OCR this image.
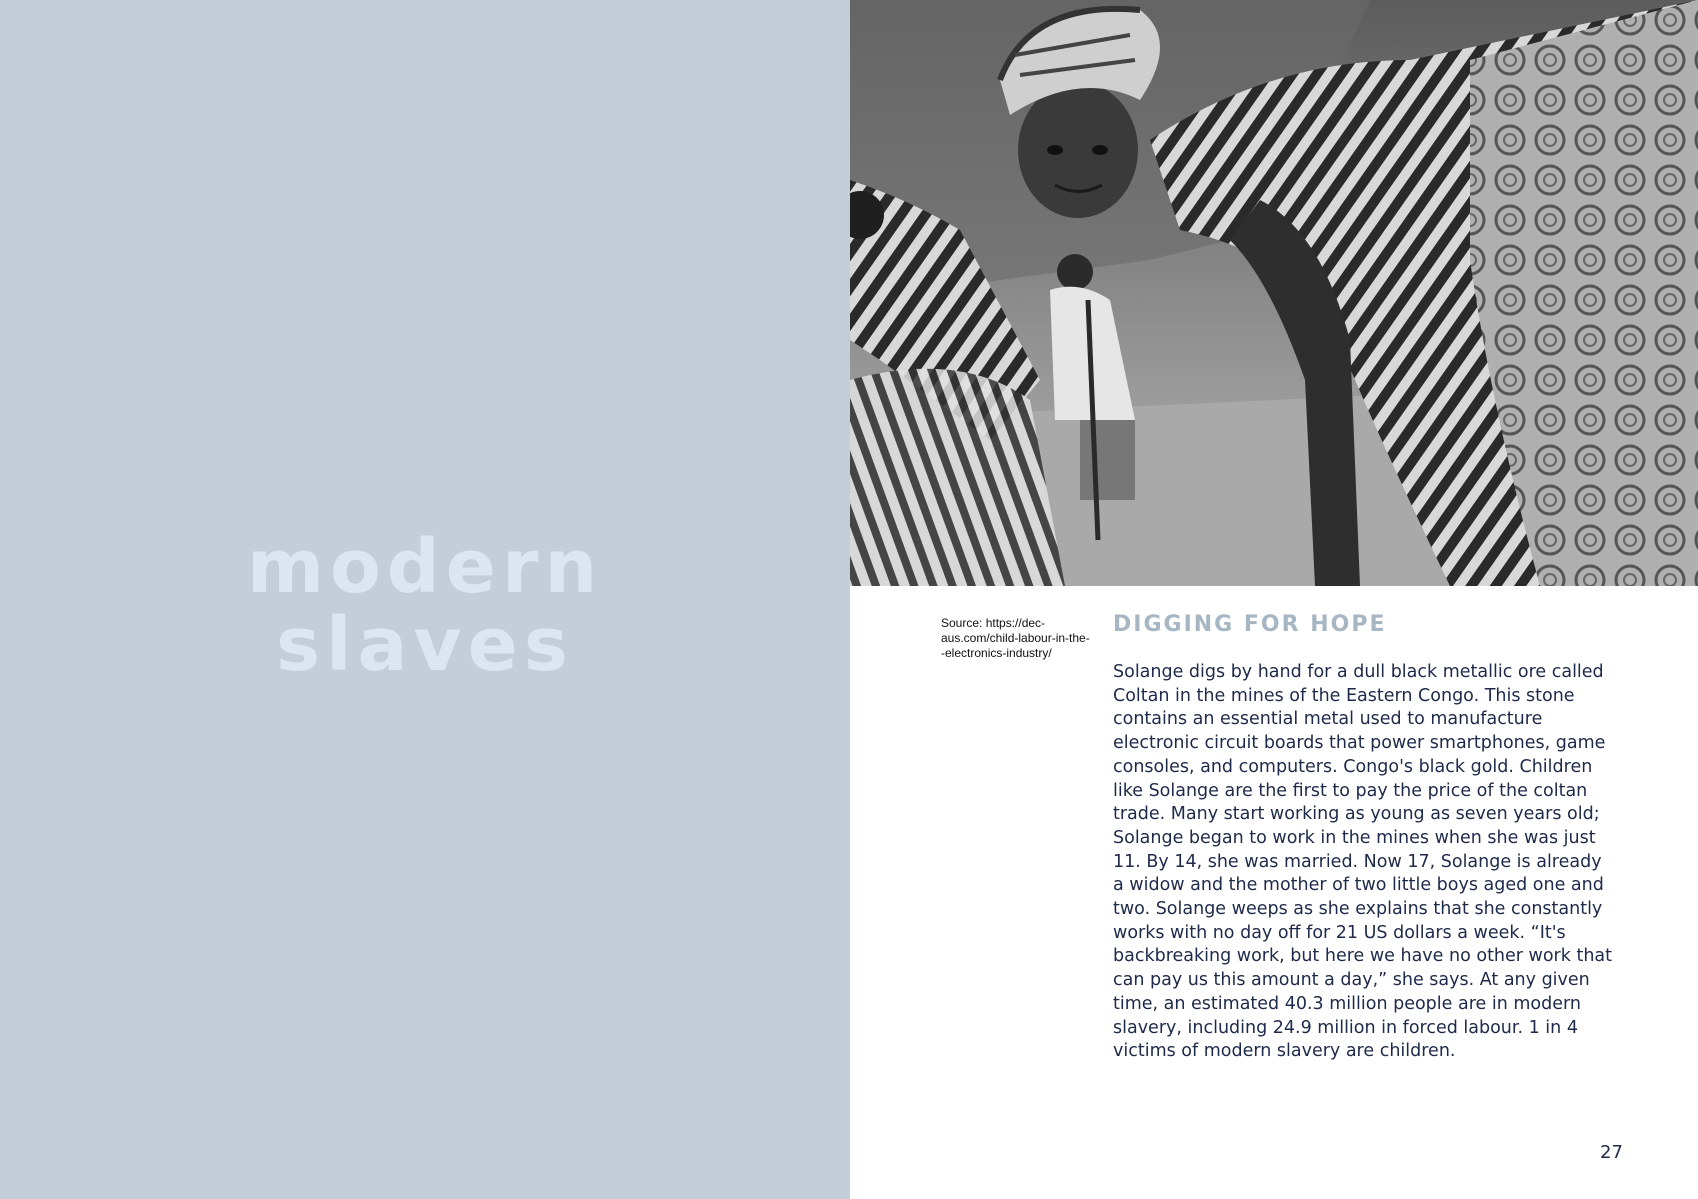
modern
slaves	Source: https://dec-aus.com/child-labour-in-the--electronics-industry/

DIGGING FOR HOPE

Solange digs by hand for a dull black metallic ore called Coltan in the mines of the Eastern Congo. This stone contains an essential metal used to manufacture electronic circuit boards that power smartphones, game consoles, and computers. Congo's black gold. Children like Solange are the first to pay the price of the coltan trade. Many start working as young as seven years old; Solange began to work in the mines when she was just 11. By 14, she was married. Now 17, Solange is already a widow and the mother of two little boys aged one and two. Solange weeps as she explains that she constantly works with no day off for 21 US dollars a week. “It's backbreaking work, but here we have no other work that can pay us this amount a day,” she says. At any given time, an estimated 40.3 million people are in modern slavery, including 24.9 million in forced labour. 1 in 4 victims of modern slavery are children.

27
